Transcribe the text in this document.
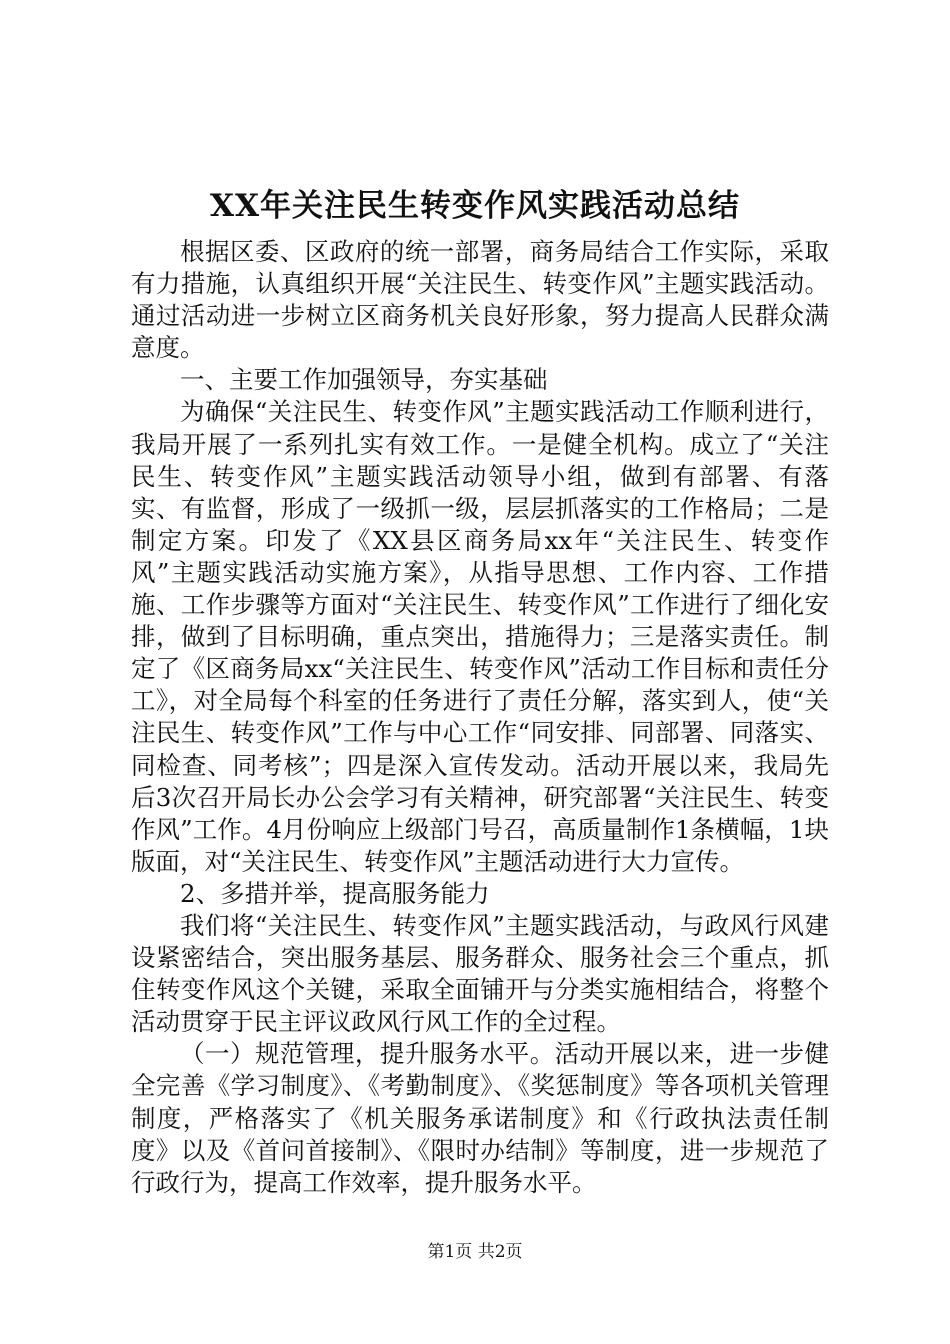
XX年关注民生转变作风实践活动总结

根据区委、区政府的统一部署，商务局结合工作实际，采取有力措施，认真组织开展“关注民生、转变作风”主题实践活动。通过活动进一步树立区商务机关良好形象，努力提高人民群众满意度。

一、主要工作加强领导，夯实基础

为确保“关注民生、转变作风”主题实践活动工作顺利进行，我局开展了一系列扎实有效工作。一是健全机构。成立了“关注民生、转变作风”主题实践活动领导小组，做到有部署、有落实、有监督，形成了一级抓一级，层层抓落实的工作格局；二是制定方案。印发了《XX县区商务局xx年“关注民生、转变作风”主题实践活动实施方案》，从指导思想、工作内容、工作措施、工作步骤等方面对“关注民生、转变作风”工作进行了细化安排，做到了目标明确，重点突出，措施得力；三是落实责任。制定了《区商务局xx“关注民生、转变作风”活动工作目标和责任分工》，对全局每个科室的任务进行了责任分解，落实到人，使“关注民生、转变作风”工作与中心工作“同安排、同部署、同落实、同检查、同考核”；四是深入宣传发动。活动开展以来，我局先后3次召开局长办公会学习有关精神，研究部署“关注民生、转变作风”工作。4月份响应上级部门号召，高质量制作1条横幅，1块版面，对“关注民生、转变作风”主题活动进行大力宣传。

2、多措并举，提高服务能力

我们将“关注民生、转变作风”主题实践活动，与政风行风建设紧密结合，突出服务基层、服务群众、服务社会三个重点，抓住转变作风这个关键，采取全面铺开与分类实施相结合，将整个活动贯穿于民主评议政风行风工作的全过程。

（一）规范管理，提升服务水平。活动开展以来，进一步健全完善《学习制度》、《考勤制度》、《奖惩制度》等各项机关管理制度，严格落实了《机关服务承诺制度》和《行政执法责任制度》以及《首问首接制》、《限时办结制》等制度，进一步规范了行政行为，提高工作效率，提升服务水平。

第1页 共2页
